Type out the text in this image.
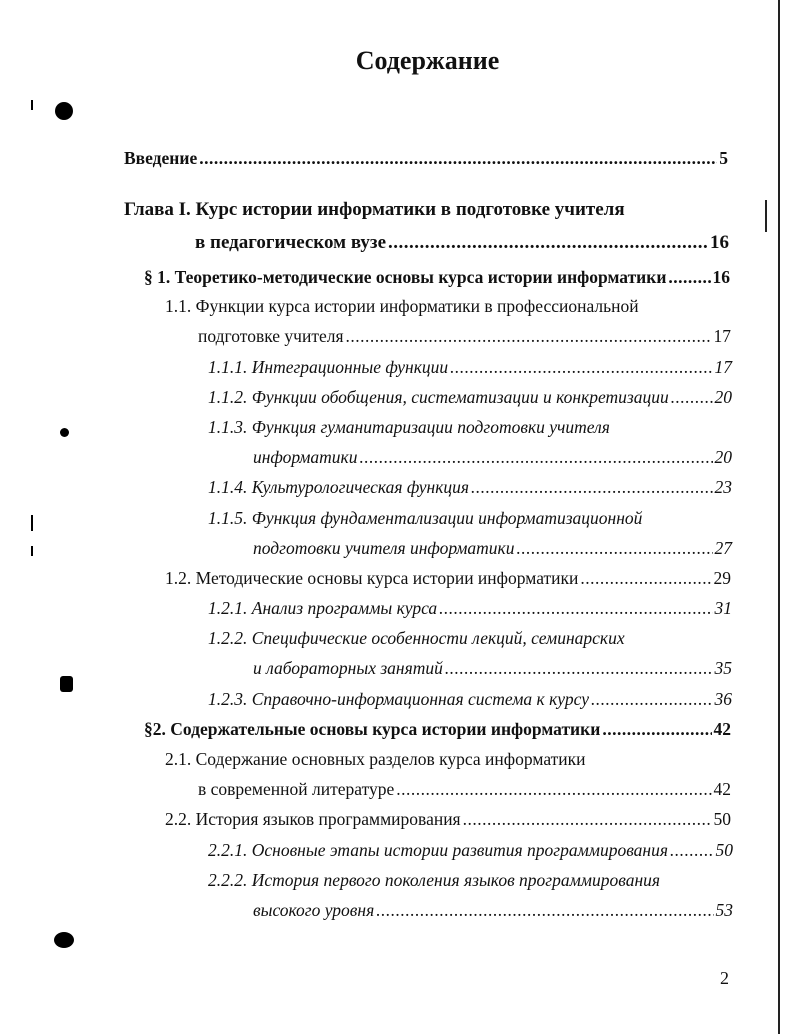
Содержание
Введение .....	5
Глава I. Курс истории информатики в подготовке учителя
в педагогическом вузе .....	16
§ 1. Теоретико-методические основы курса истории информатики .....	16
1.1. Функции курса истории информатики в профессиональной
подготовке учителя .....	17
1.1.1. Интеграционные функции .....	17
1.1.2. Функции обобщения, систематизации и конкретизации .....	20
1.1.3. Функция гуманитаризации подготовки учителя
информатики .....	20
1.1.4. Культурологическая функция .....	23
1.1.5. Функция фундаментализации информатизационной
подготовки учителя информатики .....	27
1.2. Методические основы курса истории информатики .....	29
1.2.1. Анализ программы курса .....	31
1.2.2. Специфические особенности лекций, семинарских
и лабораторных занятий .....	35
1.2.3. Справочно-информационная система к курсу .....	36
§2. Содержательные основы курса истории информатики .....	42
2.1. Содержание основных разделов курса информатики
в современной литературе .....	42
2.2. История языков программирования .....	50
2.2.1. Основные этапы истории развития программирования .....	50
2.2.2. История первого поколения языков программирования
высокого уровня .....	53
2
